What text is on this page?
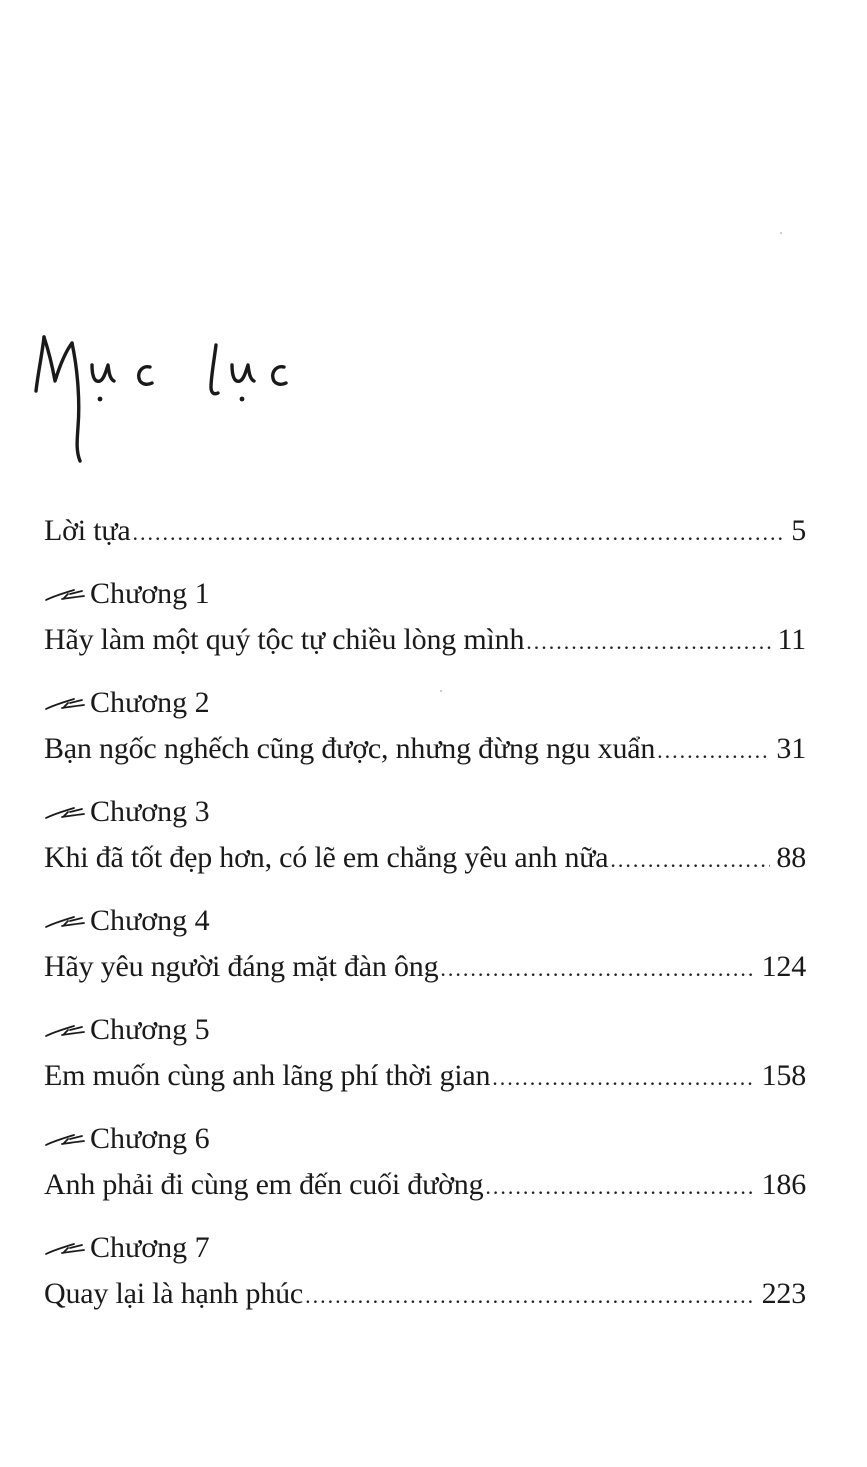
Lời tựa .....	5
Chương 1
Hãy làm một quý tộc tự chiều lòng mình .....	11
Chương 2
Bạn ngốc nghếch cũng được, nhưng đừng ngu xuẩn .....	31
Chương 3
Khi đã tốt đẹp hơn, có lẽ em chẳng yêu anh nữa .....	88
Chương 4
Hãy yêu người đáng mặt đàn ông .....	124
Chương 5
Em muốn cùng anh lãng phí thời gian .....	158
Chương 6
Anh phải đi cùng em đến cuối đường .....	186
Chương 7
Quay lại là hạnh phúc .....	223
